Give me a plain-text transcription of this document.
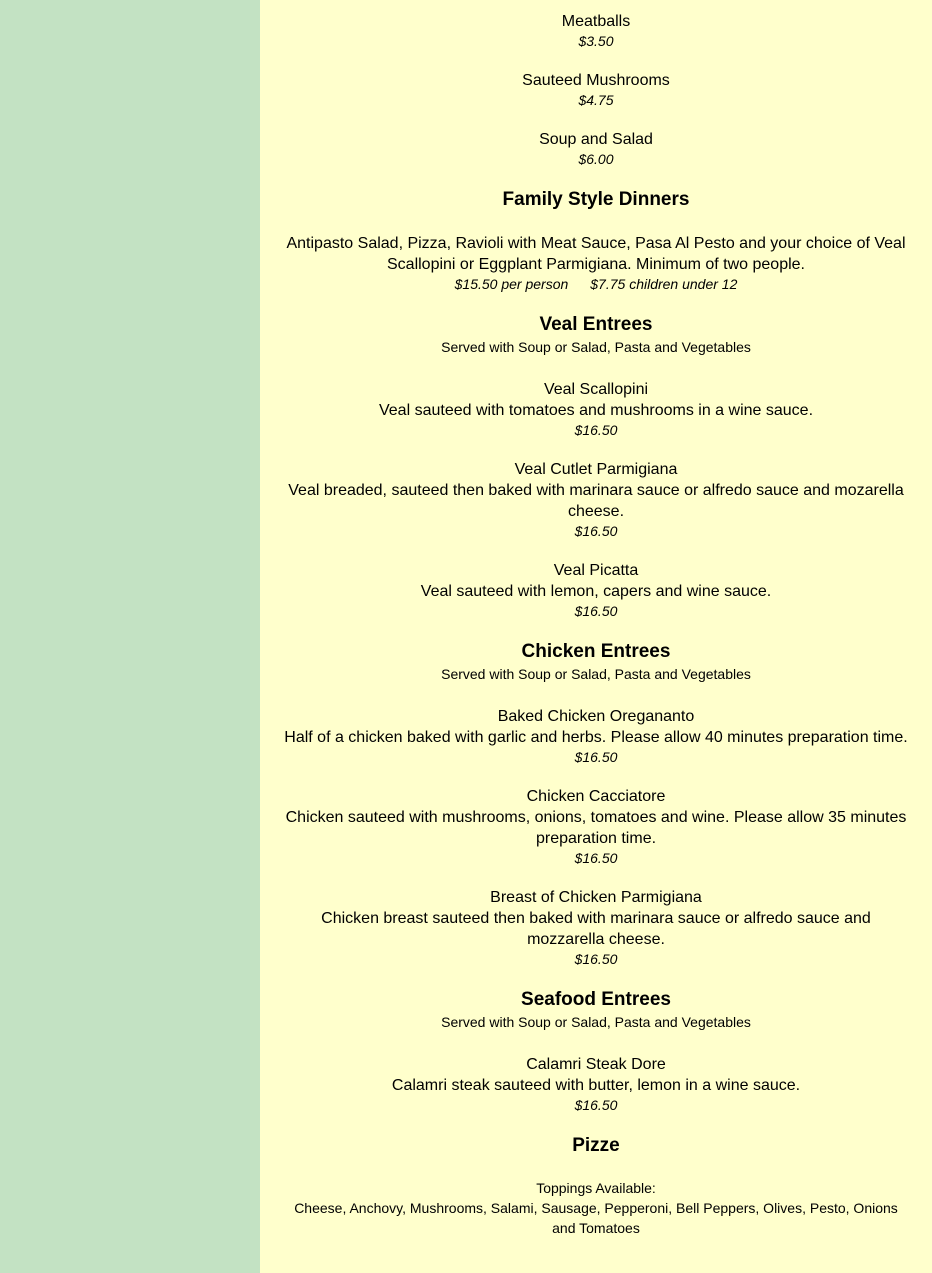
Meatballs
$3.50
Sauteed Mushrooms
$4.75
Soup and Salad
$6.00
Family Style Dinners
Antipasto Salad, Pizza, Ravioli with Meat Sauce, Pasa Al Pesto and your choice of Veal Scallopini or Eggplant Parmigiana. Minimum of two people.
$15.50 per person $7.75 children under 12
Veal Entrees
Served with Soup or Salad, Pasta and Vegetables
Veal Scallopini
Veal sauteed with tomatoes and mushrooms in a wine sauce.
$16.50
Veal Cutlet Parmigiana
Veal breaded, sauteed then baked with marinara sauce or alfredo sauce and mozarella cheese.
$16.50
Veal Picatta
Veal sauteed with lemon, capers and wine sauce.
$16.50
Chicken Entrees
Served with Soup or Salad, Pasta and Vegetables
Baked Chicken Oregananto
Half of a chicken baked with garlic and herbs. Please allow 40 minutes preparation time.
$16.50
Chicken Cacciatore
Chicken sauteed with mushrooms, onions, tomatoes and wine. Please allow 35 minutes preparation time.
$16.50
Breast of Chicken Parmigiana
Chicken breast sauteed then baked with marinara sauce or alfredo sauce and mozzarella cheese.
$16.50
Seafood Entrees
Served with Soup or Salad, Pasta and Vegetables
Calamri Steak Dore
Calamri steak sauteed with butter, lemon in a wine sauce.
$16.50
Pizze
Toppings Available:
Cheese, Anchovy, Mushrooms, Salami, Sausage, Pepperoni, Bell Peppers, Olives, Pesto, Onions and Tomatoes
